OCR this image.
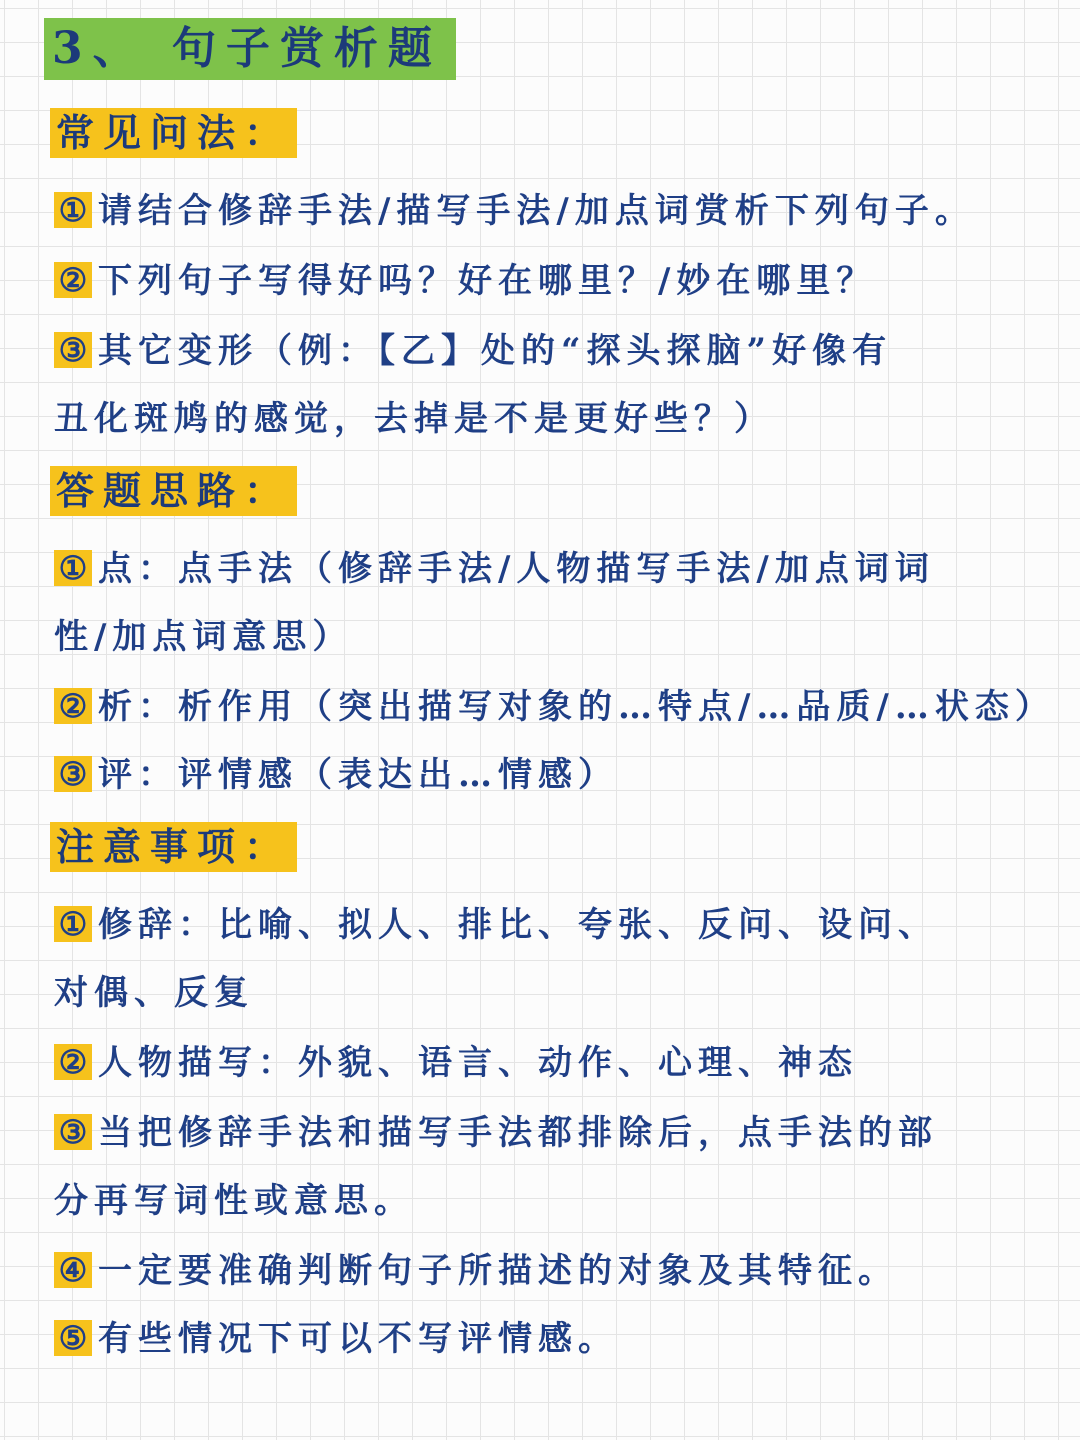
3、 句子赏析题
常见问法：
① 请结合修辞手法/描写手法/加点词赏析下列句子。
② 下列句子写得好吗？好在哪里？/妙在哪里？
③ 其它变形（例：【乙】处的“探头探脑”好像有
丑化斑鸠的感觉，去掉是不是更好些？）
答题思路：
① 点：点手法（修辞手法/人物描写手法/加点词词
性/加点词意思）
② 析：析作用（突出描写对象的…特点/…品质/…状态）
③ 评：评情感（表达出…情感）
注意事项：
① 修辞：比喻、拟人、排比、夸张、反问、设问、
对偶、反复
② 人物描写：外貌、语言、动作、心理、神态
③ 当把修辞手法和描写手法都排除后，点手法的部
分再写词性或意思。
④ 一定要准确判断句子所描述的对象及其特征。
⑤ 有些情况下可以不写评情感。
